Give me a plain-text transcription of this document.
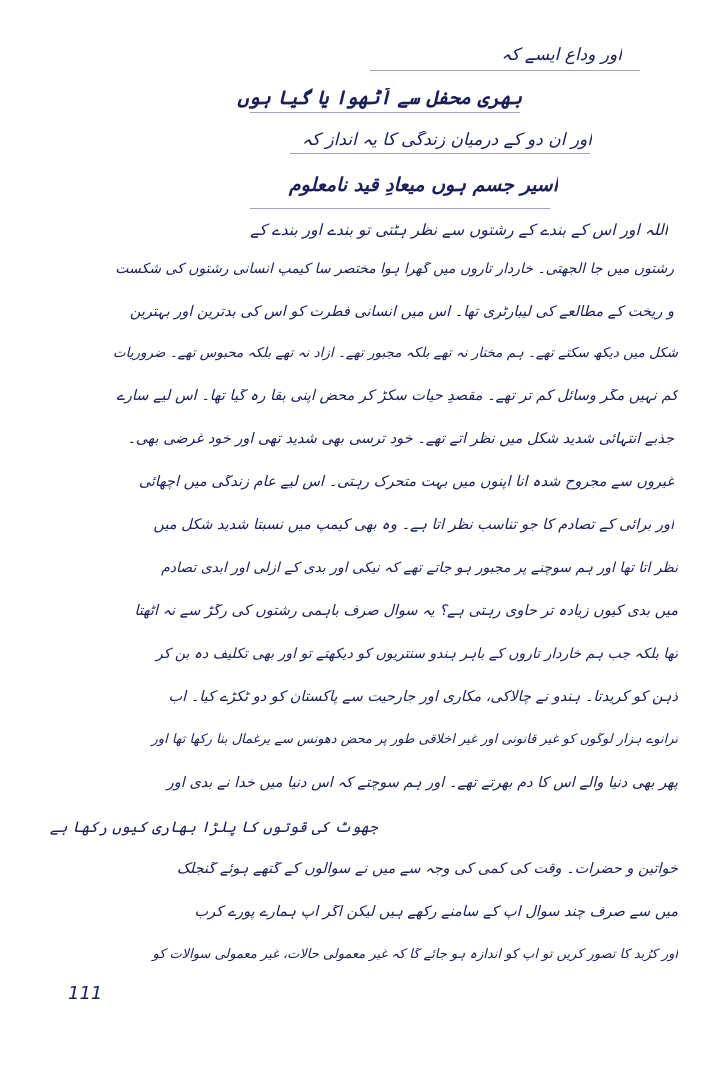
اور وداع ایسے کہ
بھری محفل سے اُٹھوا یا گیا ہوں
اور ان دو کے درمیان زندگی کا یہ انداز کہ
اسیر جسم ہوں میعادِ قید نامعلوم
اللہ اور اس کے بندے کے رشتوں سے نظر ہٹتی تو بندے اور بندے کے
رشتوں میں جا اُلجھتی۔ خاردار تاروں میں گھرا ہوا مختصر سا کیمپ انسانی رشتوں کی شکست
و ریخت کے مطالعے کی لیبارٹری تھا۔ اس میں انسانی فطرت کو اس کی بدترین اور بہترین
شکل میں دیکھ سکتے تھے۔ ہم مختار نہ تھے بلکہ مجبور تھے۔ آزاد نہ تھے بلکہ محبوس تھے۔ ضروریات
کم نہیں مگر وسائل کم تر تھے۔ مقصدِ حیات سکڑ کر محض اپنی بقا رہ گیا تھا۔ اس لیے سارے
جذبے انتہائی شدید شکل میں نظر آتے تھے۔ خود ترسی بھی شدید تھی اور خود غرضی بھی۔
غیروں سے مجروح شدہ انا اپنوں میں بہت متحرک رہتی۔ اس لیے عام زندگی میں اچھائی
اور برائی کے تصادم کا جو تناسب نظر آتا ہے۔ وہ بھی کیمپ میں نسبتاً شدید شکل میں
نظر آتا تھا اور ہم سوچنے پر مجبور ہو جاتے تھے کہ نیکی اور بدی کے ازلی اور ابدی تصادم
میں بدی کیوں زیادہ تر حاوی رہتی ہے؟ یہ سوال صرف باہمی رشتوں کی رگڑ سے نہ اٹھتا
تھا بلکہ جب ہم خاردار تاروں کے باہر ہندو سنتریوں کو دیکھتے تو اور بھی تکلیف دہ بن کر
ذہن کو کریدتا۔ ہندو نے چالاکی، مکاری اور جارحیت سے پاکستان کو دو ٹکڑے کیا۔ اب
ترانوے ہزار لوگوں کو غیر قانونی اور غیر اخلاقی طور پر محض دھونس سے یرغمال بنا رکھا تھا اور
پھر بھی دنیا والے اس کا دم بھرتے تھے۔ اور ہم سوچتے کہ اس دنیا میں خدا نے بدی اور
جھوٹ کی قوتوں کا پلڑا بھاری کیوں رکھا ہے
خواتین و حضرات۔ وقت کی کمی کی وجہ سے میں نے سوالوں کے گتھے ہوئے گنجلک
میں سے صرف چند سوال آپ کے سامنے رکھے ہیں لیکن اگر آپ ہمارے پورے کرب
اور کرُبد کا تصور کریں تو آپ کو اندازہ ہو جائے گا کہ غیر معمولی حالات، غیر معمولی سوالات کو
111
